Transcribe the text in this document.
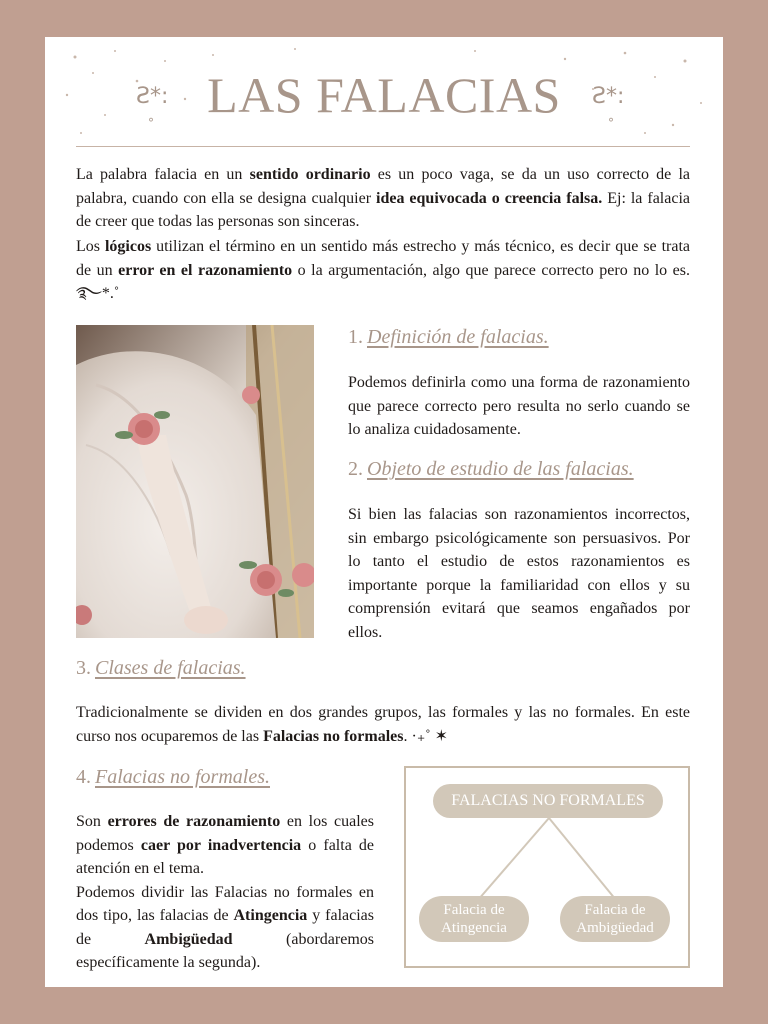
Ƨ*:
°	LAS FALACIAS	Ƨ*:
°
La palabra falacia en un sentido ordinario es un poco vaga, se da un uso correcto de la palabra, cuando con ella se designa cualquier idea equivocada o creencia falsa. Ej: la falacia de creer que todas las personas son sinceras.
Los lógicos utilizan el término en un sentido más estrecho y más técnico, es decir que se trata de un error en el razonamiento o la argumentación, algo que parece correcto pero no lo es. ࿐*.˚
1. Definición de falacias.
Podemos definirla como una forma de razonamiento que parece correcto pero resulta no serlo cuando se lo analiza cuidadosamente.
2. Objeto de estudio de las falacias.
Si bien las falacias son razonamientos incorrectos, sin embargo psicológicamente son persuasivos. Por lo tanto el estudio de estos razonamientos es importante porque la familiaridad con ellos y su comprensión evitará que seamos engañados por ellos.
3. Clases de falacias.
Tradicionalmente se dividen en dos grandes grupos, las formales y las no formales. En este curso nos ocuparemos de las Falacias no formales. ·₊˚ ✶
4. Falacias no formales.
Son errores de razonamiento en los cuales podemos caer por inadvertencia o falta de atención en el tema.
Podemos dividir las Falacias no formales en dos tipo, las falacias de Atingencia y falacias de Ambigüedad (abordaremos específicamente la segunda).
FALACIAS NO FORMALES
Falacia de
Atingencia
Falacia de
Ambigüedad
